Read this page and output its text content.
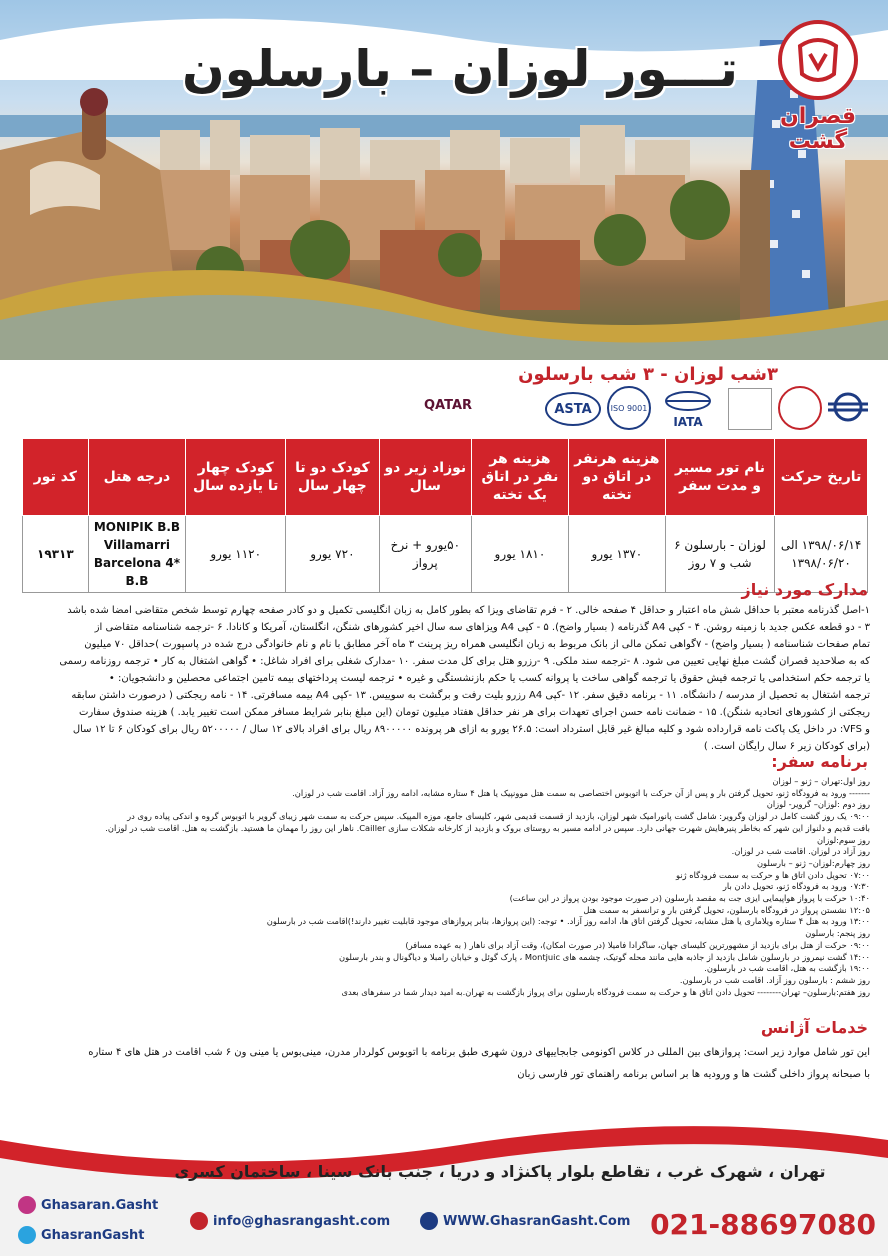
تـــور لوزان – بارسلون
قصران گشت
۳شب لوزان - ۳ شب بارسلون
QATAR	ASTA	ISO 9001
IATA
تاریخ حرکت	نام تور مسیر و مدت سفر	هزینه هرنفر در اتاق دو تخته	هزینه هر نفر در اتاق یک تخته	نوزاد زیر دو سال	کودک دو تا چهار سال	کودک چهار تا یازده سال	درجه هتل	کد تور
۱۳۹۸/۰۶/۱۴ الی ۱۳۹۸/۰۶/۲۰	لوزان - بارسلون ۶ شب و ۷ روز	۱۳۷۰ یورو	۱۸۱۰ یورو	۵۰یورو + نرخ پرواز	۷۲۰ یورو	۱۱۲۰ یورو	MONIPIK B.B
Villamarri Barcelona 4* B.B	۱۹۳۱۳
مدارک مورد نیاز
۱-اصل گذرنامه معتبر با حداقل شش ماه اعتبار و حداقل ۴ صفحه خالی. ۲ - فرم تقاضای ویزا که بطور کامل به زبان انگلیسی تکمیل و دو کادر صفحه چهارم توسط شخص متقاضی امضا شده باشد
۳ - دو قطعه عکس جدید با زمینه روشن. ۴ - کپی A4 گذرنامه ( بسیار واضح). ۵ - کپی A4 ویزاهای سه سال اخیر کشورهای شنگن، انگلستان، آمریکا و کانادا. ۶ -ترجمه شناسنامه متقاضی از
تمام صفحات شناسنامه ( بسیار واضح) - ۷گواهی تمکن مالی از بانک مربوط به زبان انگلیسی همراه ریز پرینت ۳ ماه آخر مطابق با نام و نام خانوادگی درج شده در پاسپورت )حداقل ۷۰ میلیون
که به صلاحدید قصران گشت مبلغ نهایی تعیین می شود. ۸ -ترجمه سند ملکی. ۹ -رزرو هتل برای کل مدت سفر. ۱۰ -مدارک شغلی برای افراد شاغل: • گواهی اشتغال به کار • ترجمه روزنامه رسمی
یا ترجمه حکم استخدامی یا ترجمه فیش حقوق یا ترجمه گواهی ساخت یا پروانه کسب یا حکم بازنشستگی و غیره • ترجمه لیست پرداختهای بیمه تامین اجتماعی محصلین و دانشجویان: •
ترجمه اشتغال به تحصیل از مدرسه / دانشگاه. ۱۱ - برنامه دقیق سفر. ۱۲ -کپی A4 رزرو بلیت رفت و برگشت به سوییس. ۱۳ -کپی A4 بیمه مسافرتی. ۱۴ - نامه ریجکتی ( درصورت داشتن سابقه
ریجکتی از کشورهای اتحادیه شنگن). ۱۵ - ضمانت نامه حسن اجرای تعهدات برای هر نفر حداقل هفتاد میلیون تومان (این مبلغ بنابر شرایط مسافر ممکن است تغییر یابد. ) هزینه صندوق سفارت
و VFS: در داخل یک پاکت نامه قرارداده شود و کلیه مبالغ غیر قابل استرداد است: ۲۶.۵ یورو به ازای هر پرونده ۸۹۰۰۰۰۰ ریال برای افراد بالای ۱۲ سال / ۵۲۰۰۰۰۰ ریال برای کودکان ۶ تا ۱۲ سال
(برای کودکان زیر ۶ سال رایگان است. )
برنامه سفر:
روز اول:تهران – ژنو – لوزان
------- ورود به فرودگاه ژنو، تحویل گرفتن بار و پس از آن حرکت با اتوبوس اختصاصی به سمت هتل موونپیک یا هتل ۴ ستاره مشابه، ادامه روز آزاد. اقامت شب در لوزان.
روز دوم :لوزان– گرویر- لوزان
۰۹:۰۰ یک روز گشت کامل در لوزان وگرویر: شامل گشت پانورامیک شهر لوزان، بازدید از قسمت قدیمی شهر، کلیسای جامع، موزه المپیک. سپس حرکت به سمت شهر زیبای گرویر با اتوبوس گروه و اندکی پیاده روی در
بافت قدیم و دلنواز این شهر که بخاطر پنیرهایش شهرت جهانی دارد. سپس در ادامه مسیر به روستای بروک و بازدید از کارخانه شکلات سازی Cailler. ناهار این روز را مهمان ما هستید. بازگشت به هتل. اقامت شب در لوزان.
روز سوم:لوزان
روز آزاد در لوزان. اقامت شب در لوزان.
روز چهارم:لوزان– ژنو – بارسلون
۰۷:۰۰ تحویل دادن اتاق ها و حرکت به سمت فرودگاه ژنو
۰۷:۳۰ ورود به فرودگاه ژنو، تحویل دادن بار
۱۰:۴۰ حرکت با پرواز هواپیمایی ایزی جت به مقصد بارسلون (در صورت موجود بودن پرواز در این ساعت)
۱۲:۰۵ نشستن پرواز در فرودگاه بارسلون، تحویل گرفتن بار و ترانسفر به سمت هتل
۱۳:۰۰ ورود به هتل ۴ ستاره ویلاماری یا هتل مشابه، تحویل گرفتن اتاق ها، ادامه روز آزاد. • توجه: (این پروازها، بنابر پروازهای موجود قابلیت تغییر دارند!)اقامت شب در بارسلون
روز پنجم: بارسلون
۰۹:۰۰ حرکت از هتل برای بازدید از مشهورترین کلیسای جهان، ساگرادا فامیلا (در صورت امکان)، وقت آزاد برای ناهار ( به عهده مسافر)
۱۴:۰۰ گشت نیمروز در بارسلون شامل بازدید از جاذبه هایی مانند محله گوتیک، چشمه های Montjuic ، پارک گوئل و خیابان رامبلا و دیاگونال و بندر بارسلون
۱۹:۰۰ بازگشت به هتل، اقامت شب در بارسلون.
روز ششم : بارسلون روز آزاد. اقامت شب در بارسلون.
روز هفتم:بارسلون– تهران-------- تحویل دادن اتاق ها و حرکت به سمت فرودگاه بارسلون برای پرواز بازگشت به تهران.به امید دیدار شما در سفرهای بعدی
خدمات آژانس
این تور شامل موارد زیر است: پروازهای بین المللی در کلاس اکونومی جابجاییهای درون شهری طبق برنامه با اتوبوس کولردار مدرن، مینی‌بوس یا مینی ون ۶ شب اقامت در هتل های ۴ ستاره
با صبحانه پرواز داخلی گشت ها و ورودیه ها بر اساس برنامه راهنمای تور فارسی زبان
تهران ، شهرک غرب ، تقاطع بلوار پاکنژاد و دریا ، جنب بانک سینا ، ساختمان کسری
Ghasaran.Gasht
GhasranGasht
info@ghasrangasht.com	WWW.GhasranGasht.Com 021-88697080
